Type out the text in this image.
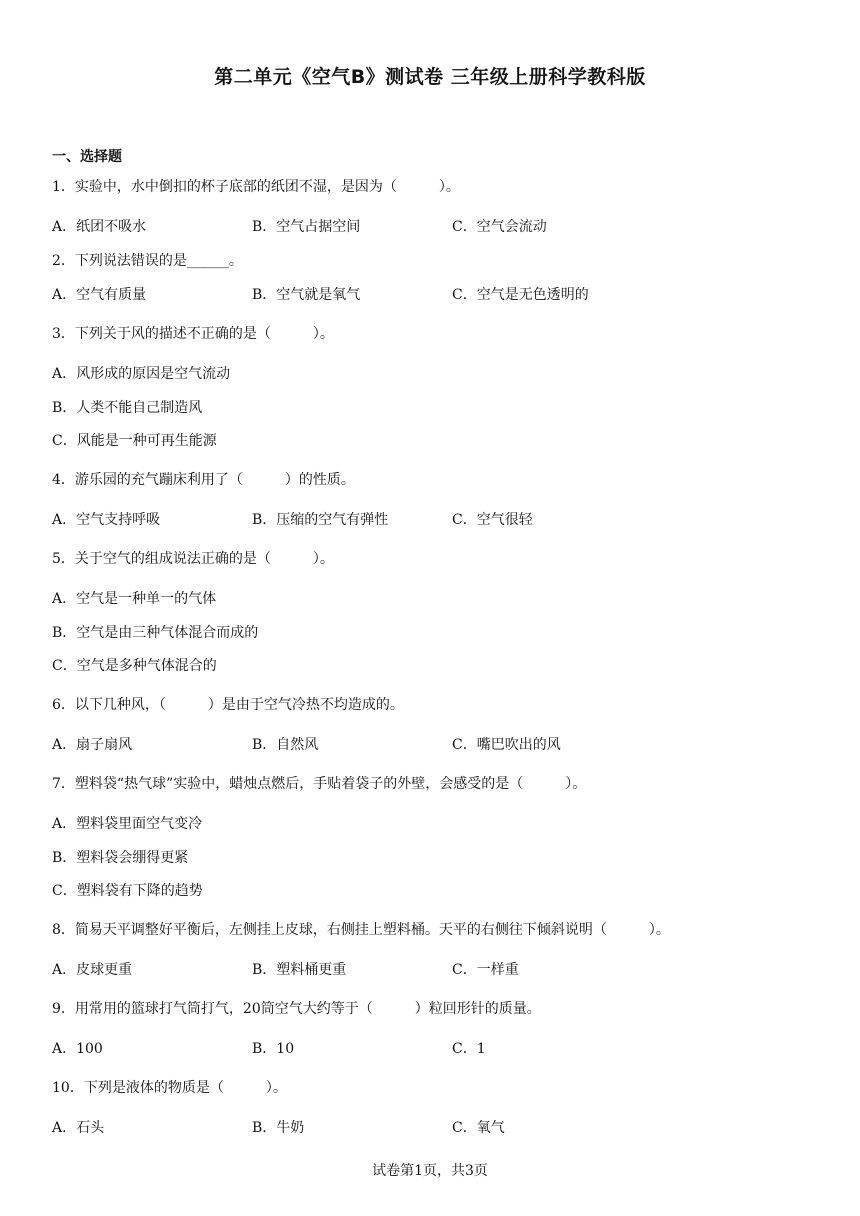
第二单元《空气B》测试卷 三年级上册科学教科版
一、选择题
1．实验中，水中倒扣的杯子底部的纸团不湿，是因为（　　　）。
A．纸团不吸水	B．空气占据空间	C．空气会流动
2．下列说法错误的是______。
A．空气有质量	B．空气就是氧气	C．空气是无色透明的
3．下列关于风的描述不正确的是（　　　）。
A．风形成的原因是空气流动
B．人类不能自己制造风
C．风能是一种可再生能源
4．游乐园的充气蹦床利用了（　　　）的性质。
A．空气支持呼吸	B．压缩的空气有弹性	C．空气很轻
5．关于空气的组成说法正确的是（　　　）。
A．空气是一种单一的气体
B．空气是由三种气体混合而成的
C．空气是多种气体混合的
6．以下几种风，（　　　）是由于空气冷热不均造成的。
A．扇子扇风	B．自然风	C．嘴巴吹出的风
7．塑料袋“热气球”实验中，蜡烛点燃后，手贴着袋子的外壁，会感受的是（　　　）。
A．塑料袋里面空气变冷
B．塑料袋会绷得更紧
C．塑料袋有下降的趋势
8．简易天平调整好平衡后，左侧挂上皮球，右侧挂上塑料桶。天平的右侧往下倾斜说明（　　　）。
A．皮球更重	B．塑料桶更重	C．一样重
9．用常用的篮球打气筒打气，20筒空气大约等于（　　　）粒回形针的质量。
A．100	B．10	C．1
10．下列是液体的物质是（　　　）。
A．石头	B．牛奶	C．氧气
试卷第1页，共3页
